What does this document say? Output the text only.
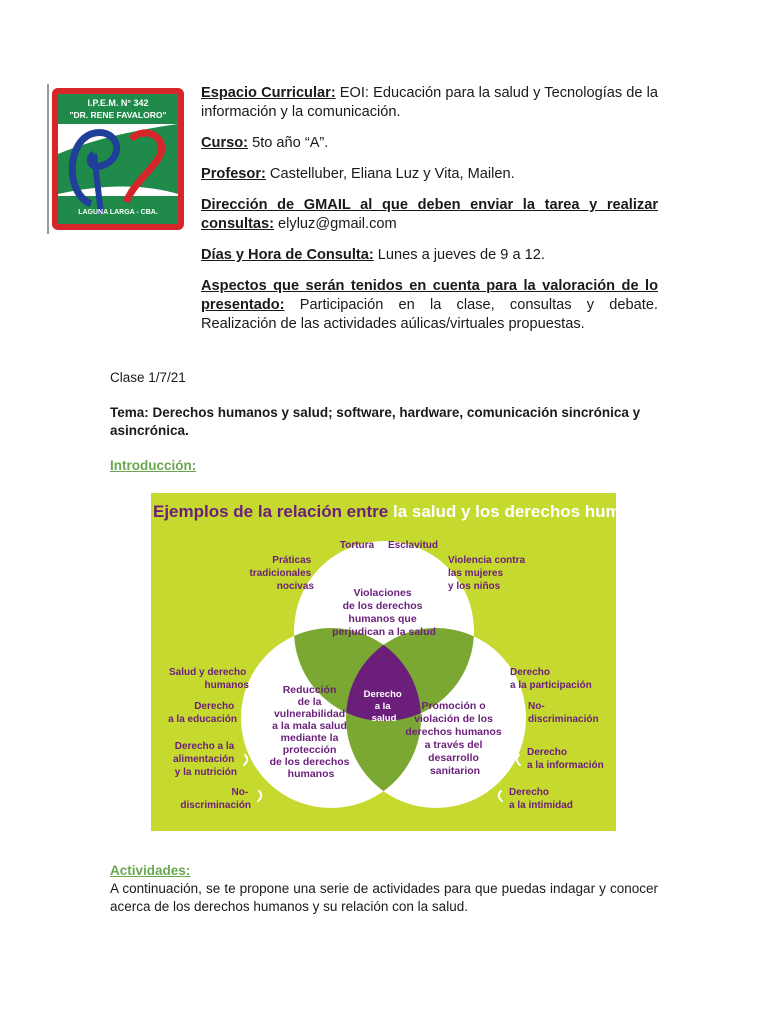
I.P.E.M. N° 342
"DR. RENE FAVALORO"
LAGUNA LARGA - CBA.

Espacio Curricular: EOI: Educación para la salud y Tecnologías de la información y la comunicación.

Curso: 5to año “A”.

Profesor: Castelluber, Eliana Luz y Vita, Mailen.

Dirección de GMAIL al que deben enviar la tarea y realizar consultas: elyluz@gmail.com

Días y Hora de Consulta: Lunes a jueves de 9 a 12.

Aspectos que serán tenidos en cuenta para la valoración de lo presentado: Participación en la clase, consultas y debate. Realización de las actividades aúlicas/virtuales propuestas.

Clase 1/7/21
Tema: Derechos humanos y salud; software, hardware, comunicación sincrónica y asincrónica.
Introducción:
Ejemplos de la relación entre la salud y los derechos humanos
Violaciones de los derechos humanos que perjudican a la salud
Reducción de la vulnerabilidad a la mala salud mediante la protección de los derechos humanos
Promoción o violación de los derechos humanos a través del desarrollo sanitarion
Derecho a la salud
Práticas tradicionales nocivas
Tortura Esclavitud
Violencia contra las mujeres y los niños
Salud y derecho humanos
Derecho a la educación
Derecho a la alimentación y la nutrición
No- discriminación
Derecho a la participación
No- discriminación
Derecho a la información
Derecho a la intimidad
Actividades:
A continuación, se te propone una serie de actividades para que puedas indagar y conocer acerca de los derechos humanos y su relación con la salud.
